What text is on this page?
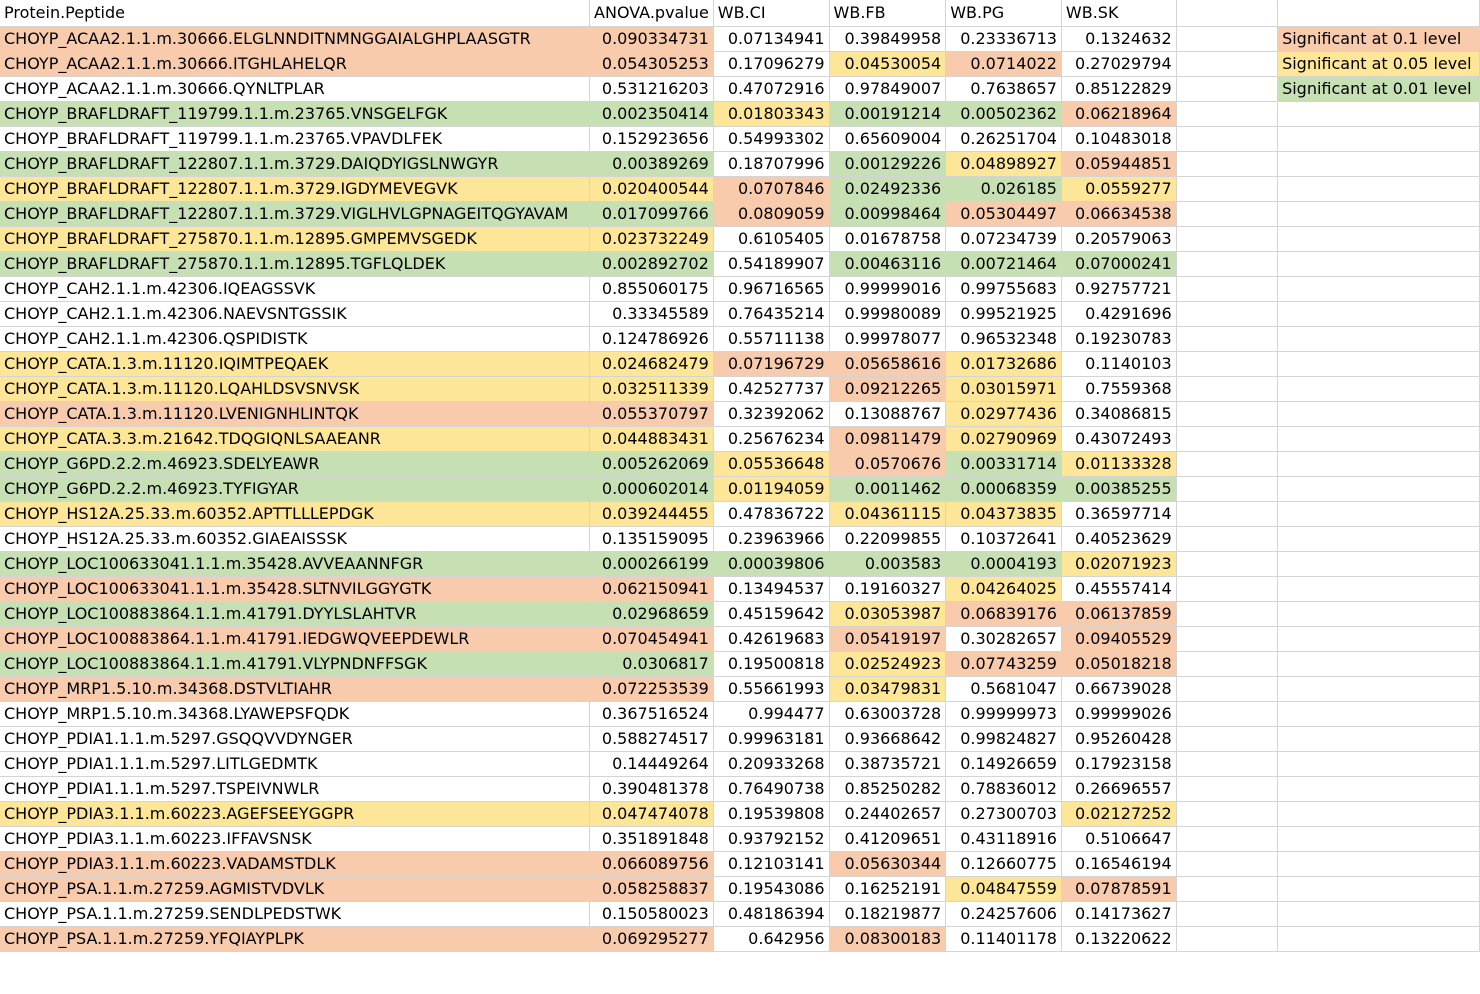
Protein.Peptide	ANOVA.pvalue	WB.CI	WB.FB	WB.PG	WB.SK		
CHOYP_ACAA2.1.1.m.30666.ELGLNNDITNMNGGAIALGHPLAASGTR	0.090334731	0.07134941	0.39849958	0.23336713	0.1324632		Significant at 0.1 level
CHOYP_ACAA2.1.1.m.30666.ITGHLAHELQR	0.054305253	0.17096279	0.04530054	0.0714022	0.27029794		Significant at 0.05 level
CHOYP_ACAA2.1.1.m.30666.QYNLTPLAR	0.531216203	0.47072916	0.97849007	0.7638657	0.85122829		Significant at 0.01 level
CHOYP_BRAFLDRAFT_119799.1.1.m.23765.VNSGELFGK	0.002350414	0.01803343	0.00191214	0.00502362	0.06218964		
CHOYP_BRAFLDRAFT_119799.1.1.m.23765.VPAVDLFEK	0.152923656	0.54993302	0.65609004	0.26251704	0.10483018		
CHOYP_BRAFLDRAFT_122807.1.1.m.3729.DAIQDYIGSLNWGYR	0.00389269	0.18707996	0.00129226	0.04898927	0.05944851		
CHOYP_BRAFLDRAFT_122807.1.1.m.3729.IGDYMEVEGVK	0.020400544	0.0707846	0.02492336	0.026185	0.0559277		
CHOYP_BRAFLDRAFT_122807.1.1.m.3729.VIGLHVLGPNAGEITQGYAVAM	0.017099766	0.0809059	0.00998464	0.05304497	0.06634538		
CHOYP_BRAFLDRAFT_275870.1.1.m.12895.GMPEMVSGEDK	0.023732249	0.6105405	0.01678758	0.07234739	0.20579063		
CHOYP_BRAFLDRAFT_275870.1.1.m.12895.TGFLQLDEK	0.002892702	0.54189907	0.00463116	0.00721464	0.07000241		
CHOYP_CAH2.1.1.m.42306.IQEAGSSVK	0.855060175	0.96716565	0.99999016	0.99755683	0.92757721		
CHOYP_CAH2.1.1.m.42306.NAEVSNTGSSIK	0.33345589	0.76435214	0.99980089	0.99521925	0.4291696		
CHOYP_CAH2.1.1.m.42306.QSPIDISTK	0.124786926	0.55711138	0.99978077	0.96532348	0.19230783		
CHOYP_CATA.1.3.m.11120.IQIMTPEQAEK	0.024682479	0.07196729	0.05658616	0.01732686	0.1140103		
CHOYP_CATA.1.3.m.11120.LQAHLDSVSNVSK	0.032511339	0.42527737	0.09212265	0.03015971	0.7559368		
CHOYP_CATA.1.3.m.11120.LVENIGNHLINTQK	0.055370797	0.32392062	0.13088767	0.02977436	0.34086815		
CHOYP_CATA.3.3.m.21642.TDQGIQNLSAAEANR	0.044883431	0.25676234	0.09811479	0.02790969	0.43072493		
CHOYP_G6PD.2.2.m.46923.SDELYEAWR	0.005262069	0.05536648	0.0570676	0.00331714	0.01133328		
CHOYP_G6PD.2.2.m.46923.TYFIGYAR	0.000602014	0.01194059	0.0011462	0.00068359	0.00385255		
CHOYP_HS12A.25.33.m.60352.APTTLLLEPDGK	0.039244455	0.47836722	0.04361115	0.04373835	0.36597714		
CHOYP_HS12A.25.33.m.60352.GIAEAISSSK	0.135159095	0.23963966	0.22099855	0.10372641	0.40523629		
CHOYP_LOC100633041.1.1.m.35428.AVVEAANNFGR	0.000266199	0.00039806	0.003583	0.0004193	0.02071923		
CHOYP_LOC100633041.1.1.m.35428.SLTNVILGGYGTK	0.062150941	0.13494537	0.19160327	0.04264025	0.45557414		
CHOYP_LOC100883864.1.1.m.41791.DYYLSLAHTVR	0.02968659	0.45159642	0.03053987	0.06839176	0.06137859		
CHOYP_LOC100883864.1.1.m.41791.IEDGWQVEEPDEWLR	0.070454941	0.42619683	0.05419197	0.30282657	0.09405529		
CHOYP_LOC100883864.1.1.m.41791.VLYPNDNFFSGK	0.0306817	0.19500818	0.02524923	0.07743259	0.05018218		
CHOYP_MRP1.5.10.m.34368.DSTVLTIAHR	0.072253539	0.55661993	0.03479831	0.5681047	0.66739028		
CHOYP_MRP1.5.10.m.34368.LYAWEPSFQDK	0.367516524	0.994477	0.63003728	0.99999973	0.99999026		
CHOYP_PDIA1.1.1.m.5297.GSQQVVDYNGER	0.588274517	0.99963181	0.93668642	0.99824827	0.95260428		
CHOYP_PDIA1.1.1.m.5297.LITLGEDMTK	0.14449264	0.20933268	0.38735721	0.14926659	0.17923158		
CHOYP_PDIA1.1.1.m.5297.TSPEIVNWLR	0.390481378	0.76490738	0.85250282	0.78836012	0.26696557		
CHOYP_PDIA3.1.1.m.60223.AGEFSEEYGGPR	0.047474078	0.19539808	0.24402657	0.27300703	0.02127252		
CHOYP_PDIA3.1.1.m.60223.IFFAVSNSK	0.351891848	0.93792152	0.41209651	0.43118916	0.5106647		
CHOYP_PDIA3.1.1.m.60223.VADAMSTDLK	0.066089756	0.12103141	0.05630344	0.12660775	0.16546194		
CHOYP_PSA.1.1.m.27259.AGMISTVDVLK	0.058258837	0.19543086	0.16252191	0.04847559	0.07878591		
CHOYP_PSA.1.1.m.27259.SENDLPEDSTWK	0.150580023	0.48186394	0.18219877	0.24257606	0.14173627		
CHOYP_PSA.1.1.m.27259.YFQIAYPLPK	0.069295277	0.642956	0.08300183	0.11401178	0.13220622		
